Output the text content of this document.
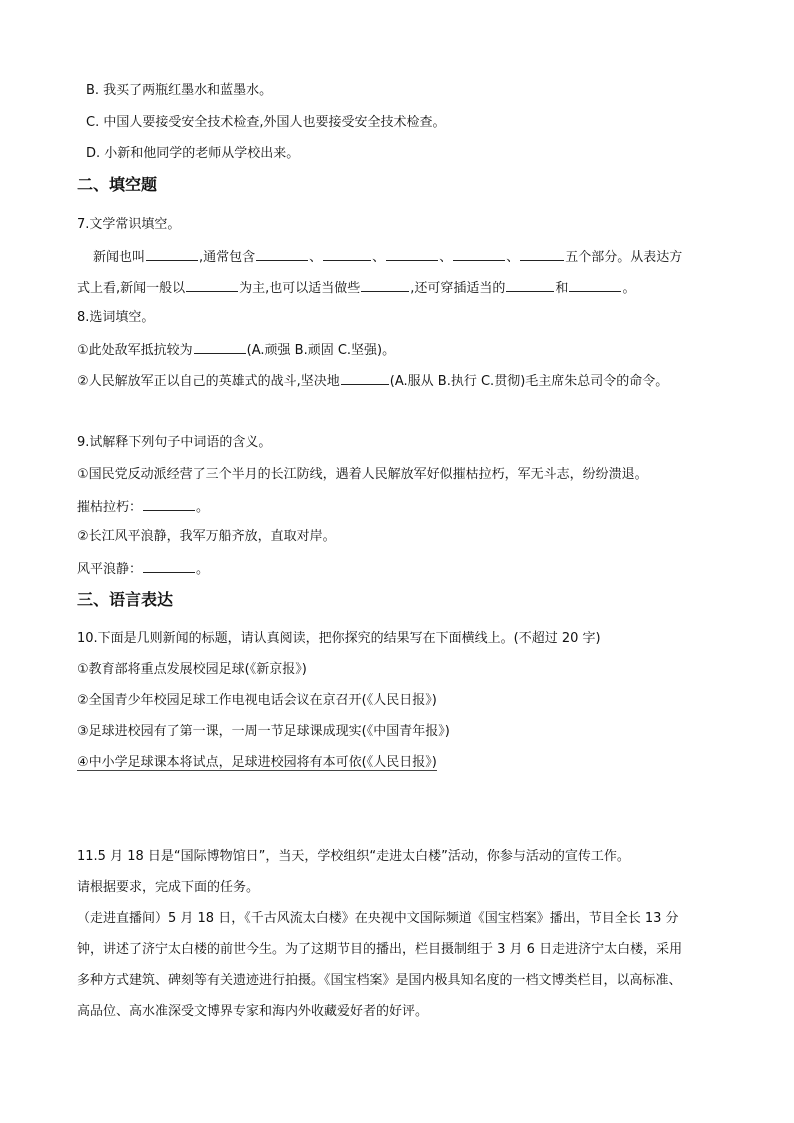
B. 我买了两瓶红墨水和蓝墨水。
C. 中国人要接受安全技术检查,外国人也要接受安全技术检查。
D. 小新和他同学的老师从学校出来。
二、填空题
7.文学常识填空。
新闻也叫	,通常包含	、	、	、	、	五个部分。从表达方
式上看,新闻一般以	为主,也可以适当做些	,还可穿插适当的	和	。
8.选词填空。
①此处敌军抵抗较为	(A.顽强 B.顽固 C.坚强)。
②人民解放军正以自己的英雄式的战斗,坚决地	(A.服从 B.执行 C.贯彻)毛主席朱总司令的命令。
9.试解释下列句子中词语的含义。
①国民党反动派经营了三个半月的长江防线，遇着人民解放军好似摧枯拉朽，军无斗志，纷纷溃退。
摧枯拉朽：	。
②长江风平浪静，我军万船齐放，直取对岸。
风平浪静：	。
三、语言表达
10.下面是几则新闻的标题，请认真阅读，把你探究的结果写在下面横线上。(不超过 20 字)
①教育部将重点发展校园足球(《新京报》)
②全国青少年校园足球工作电视电话会议在京召开(《人民日报》)
③足球进校园有了第一课，一周一节足球课成现实(《中国青年报》)
④中小学足球课本将试点，足球进校园将有本可依(《人民日报》)
11.5 月 18 日是“国际博物馆日”，当天，学校组织“走进太白楼”活动，你参与活动的宣传工作。
请根据要求，完成下面的任务。
（走进直播间）5 月 18 日，《千古风流太白楼》在央视中文国际频道《国宝档案》播出，节目全长 13 分
钟，讲述了济宁太白楼的前世今生。为了这期节目的播出，栏目摄制组于 3 月 6 日走进济宁太白楼，采用
多种方式建筑、碑刻等有关遗迹进行拍摄。《国宝档案》是国内极具知名度的一档文博类栏目，以高标准、
高品位、高水准深受文博界专家和海内外收藏爱好者的好评。
